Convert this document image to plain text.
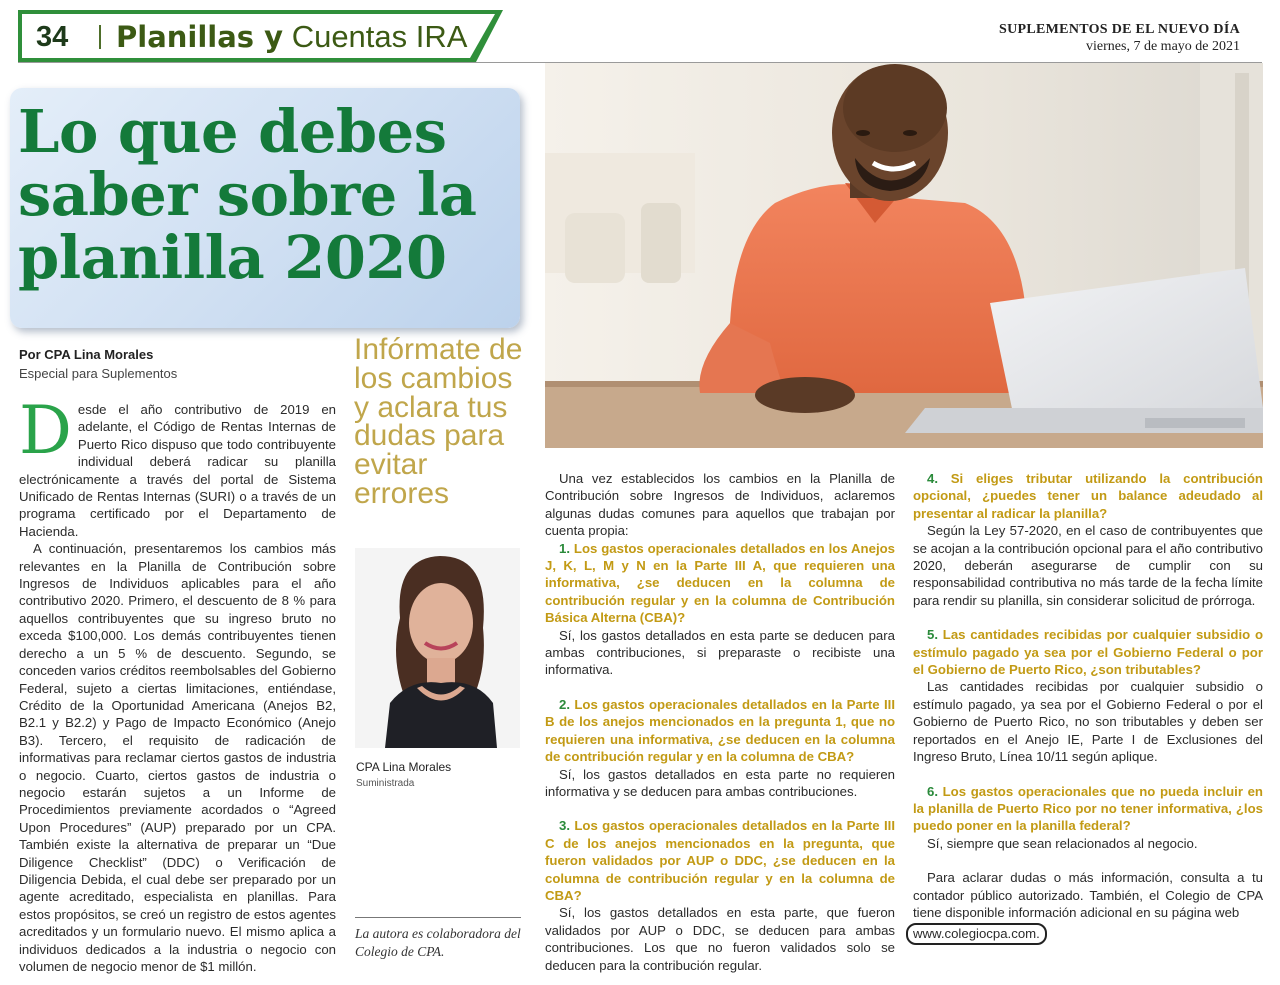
34 Planillas y Cuentas IRA	SUPLEMENTOS DE EL NUEVO DÍA
viernes, 7 de mayo de 2021
Lo que debes
saber sobre la
planilla 2020
Por CPA Lina Morales
Especial para Suplementos

Desde el año contributivo de 2019 en adelante, el Código de Rentas Internas de Puerto Rico dispuso que todo contribuyente individual deberá radicar su planilla electrónicamente a través del portal de Sistema Unificado de Rentas Internas (SURI) o a través de un programa certificado por el Departamento de Hacienda.

A continuación, presentaremos los cambios más relevantes en la Planilla de Contribución sobre Ingresos de Individuos aplicables para el año contributivo 2020. Primero, el descuento de 8 % para aquellos contribuyentes que su ingreso bruto no exceda $100,000. Los demás contribuyentes tienen derecho a un 5 % de descuento. Segundo, se conceden varios créditos reembolsables del Gobierno Federal, sujeto a ciertas limitaciones, entiéndase, Crédito de la Oportunidad Americana (Anejos B2, B2.1 y B2.2) y Pago de Impacto Económico (Anejo B3). Tercero, el requisito de radicación de informativas para reclamar ciertos gastos de industria o negocio. Cuarto, ciertos gastos de industria o negocio estarán sujetos a un Informe de Procedimientos previamente acordados o “Agreed Upon Procedures” (AUP) preparado por un CPA. También existe la alternativa de preparar un “Due Diligence Checklist” (DDC) o Verificación de Diligencia Debida, el cual debe ser preparado por un agente acreditado, especialista en planillas. Para estos propósitos, se creó un registro de estos agentes acreditados y un formulario nuevo. El mismo aplica a individuos dedicados a la industria o negocio con volumen de negocio menor de $1 millón.

Infórmate de los cambios y aclara tus dudas para evitar errores
CPA Lina Morales
Suministrada
La autora es colaboradora del Colegio de CPA.

Una vez establecidos los cambios en la Planilla de Contribución sobre Ingresos de Individuos, aclaremos algunas dudas comunes para aquellos que trabajan por cuenta propia:

1. Los gastos operacionales detallados en los Anejos J, K, L, M y N en la Parte III A, que requieren una informativa, ¿se deducen en la columna de contribución regular y en la columna de Contribución Básica Alterna (CBA)?

Sí, los gastos detallados en esta parte se deducen para ambas contribuciones, si preparaste o recibiste una informativa.

2. Los gastos operacionales detallados en la Parte III B de los anejos mencionados en la pregunta 1, que no requieren una informativa, ¿se deducen en la columna de contribución regular y en la columna de CBA?

Sí, los gastos detallados en esta parte no requieren informativa y se deducen para ambas contribuciones.

3. Los gastos operacionales detallados en la Parte III C de los anejos mencionados en la pregunta, que fueron validados por AUP o DDC, ¿se deducen en la columna de contribución regular y en la columna de CBA?

Sí, los gastos detallados en esta parte, que fueron validados por AUP o DDC, se deducen para ambas contribuciones. Los que no fueron validados solo se deducen para la contribución regular.

4. Si eliges tributar utilizando la contribución opcional, ¿puedes tener un balance adeudado al presentar al radicar la planilla?

Según la Ley 57-2020, en el caso de contribuyentes que se acojan a la contribución opcional para el año contributivo 2020, deberán asegurarse de cumplir con su responsabilidad contributiva no más tarde de la fecha límite para rendir su planilla, sin considerar solicitud de prórroga.

5. Las cantidades recibidas por cualquier subsidio o estímulo pagado ya sea por el Gobierno Federal o por el Gobierno de Puerto Rico, ¿son tributables?

Las cantidades recibidas por cualquier subsidio o estímulo pagado, ya sea por el Gobierno Federal o por el Gobierno de Puerto Rico, no son tributables y deben ser reportados en el Anejo IE, Parte I de Exclusiones del Ingreso Bruto, Línea 10/11 según aplique.

6. Los gastos operacionales que no pueda incluir en la planilla de Puerto Rico por no tener informativa, ¿los puedo poner en la planilla federal?

Sí, siempre que sean relacionados al negocio.

Para aclarar dudas o más información, consulta a tu contador público autorizado. También, el Colegio de CPA tiene disponible información adicional en su página web

www.colegiocpa.com.
